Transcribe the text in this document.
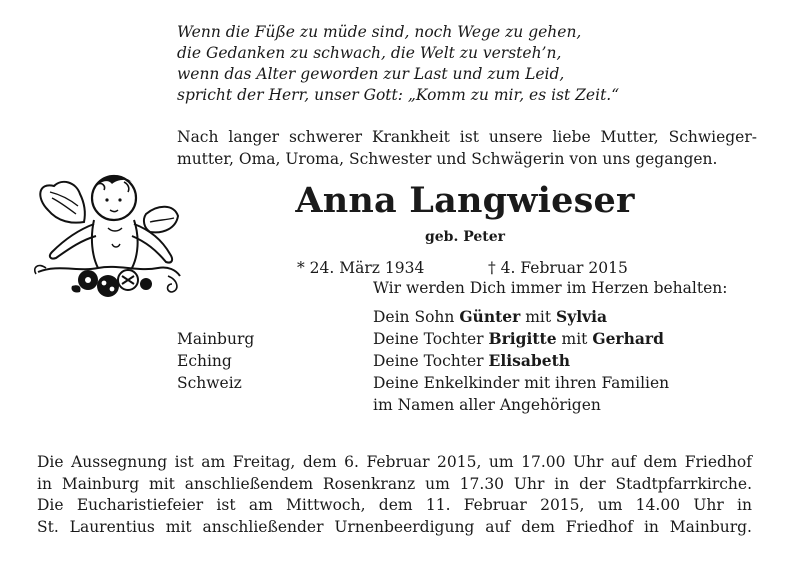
Wenn die Füße zu müde sind, noch Wege zu gehen,
die Gedanken zu schwach, die Welt zu versteh’n,
wenn das Alter geworden zur Last und zum Leid,
spricht der Herr, unser Gott: „Komm zu mir, es ist Zeit.“
Nach langer schwerer Krankheit ist unsere liebe Mutter, Schwieger-
mutter, Oma, Uroma, Schwester und Schwägerin von uns gegangen.
Anna Langwieser
geb. Peter
* 24. März 1934	† 4. Februar 2015
Wir werden Dich immer im Herzen behalten:
Dein Sohn Günter mit Sylvia
Deine Tochter Brigitte mit Gerhard
Deine Tochter Elisabeth
Deine Enkelkinder mit ihren Familien
im Namen aller Angehörigen
Mainburg
Eching
Schweiz
Die Aussegnung ist am Freitag, dem 6. Februar 2015, um 17.00 Uhr auf dem Friedhof
in Mainburg mit anschließendem Rosenkranz um 17.30 Uhr in der Stadtpfarrkirche.
Die Eucharistiefeier ist am Mittwoch, dem 11. Februar 2015, um 14.00 Uhr in
St. Laurentius mit anschließender Urnenbeerdigung auf dem Friedhof in Mainburg.
